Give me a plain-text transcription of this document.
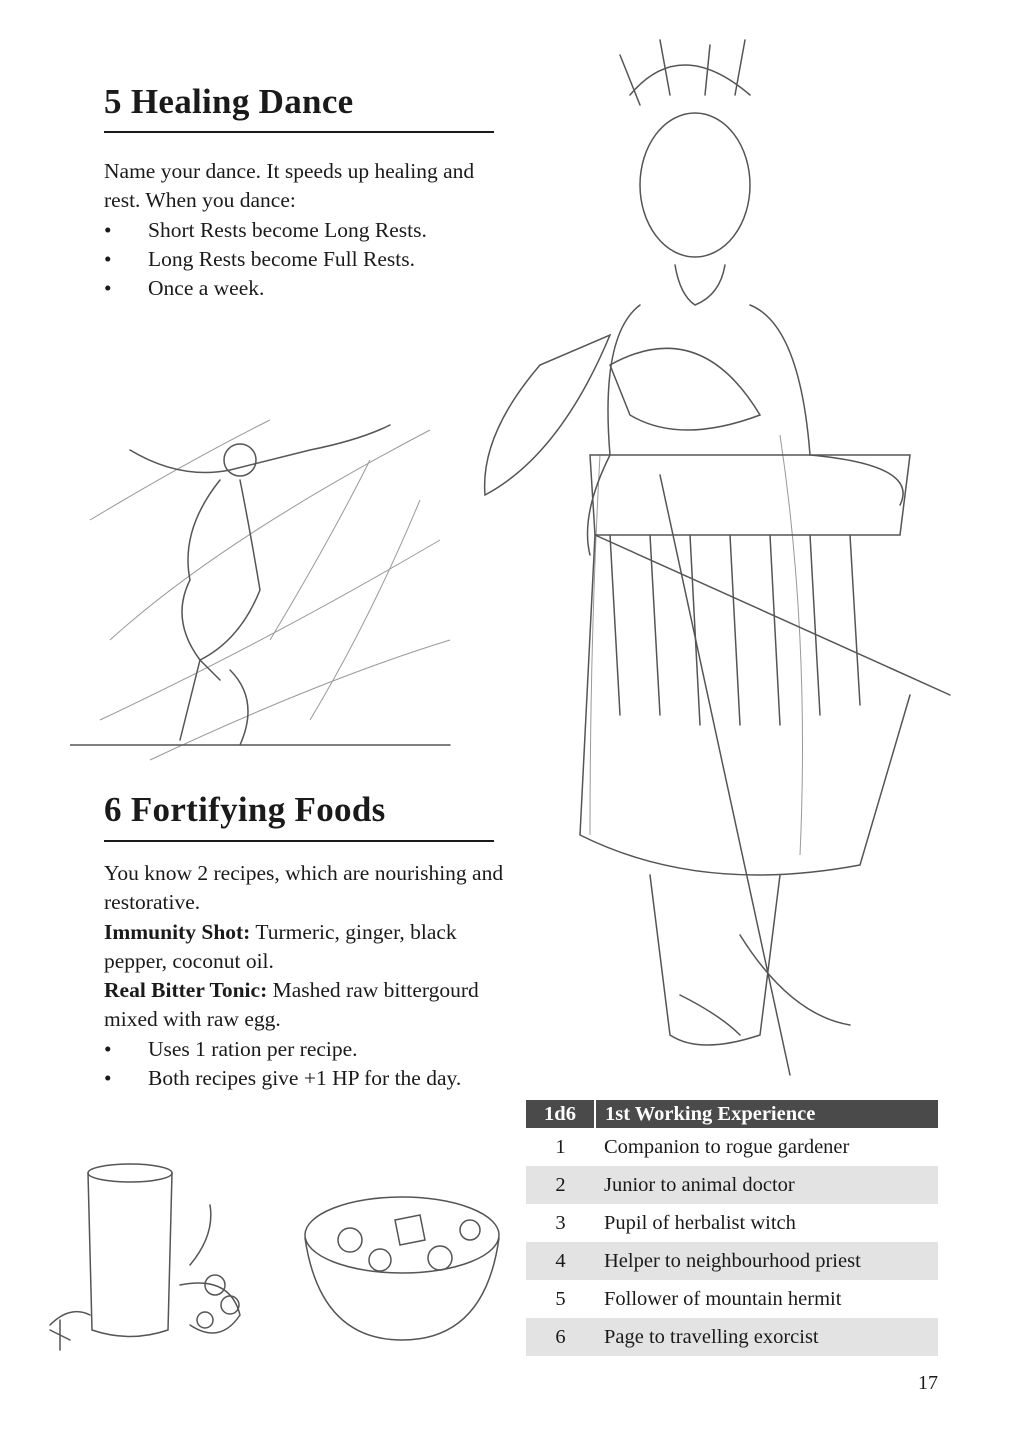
5 Healing Dance

Name your dance. It speeds up healing and rest. When you dance:

•	Short Rests become Long Rests.
•	Long Rests become Full Rests.
•	Once a week.
6 Fortifying Foods

You know 2 recipes, which are nourishing and restorative.

Immunity Shot: Turmeric, ginger, black pepper, coconut oil.

Real Bitter Tonic: Mashed raw bittergourd mixed with raw egg.

•	Uses 1 ration per recipe.
•	Both recipes give +1 HP for the day.
1d6	1st Working Experience
1	Companion to rogue gardener
2	Junior to animal doctor
3	Pupil of herbalist witch
4	Helper to neighbourhood priest
5	Follower of mountain hermit
6	Page to travelling exorcist
17
